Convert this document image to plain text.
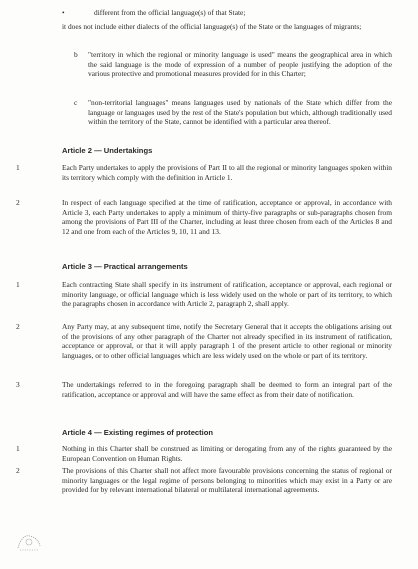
•	different from the official language(s) of that State;

it does not include either dialects of the official language(s) of the State or the languages of migrants;

b "territory in which the regional or minority language is used" means the geographical area in which the said language is the mode of expression of a number of people justifying the adoption of the various protective and promotional measures provided for in this Charter;

c "non-territorial languages" means languages used by nationals of the State which differ from the language or languages used by the rest of the State's population but which, although traditionally used within the territory of the State, cannot be identified with a particular area thereof.

Article 2 — Undertakings
1	Each Party undertakes to apply the provisions of Part II to all the regional or minority languages spoken within its territory which comply with the definition in Article 1.

2	In respect of each language specified at the time of ratification, acceptance or approval, in accordance with Article 3, each Party undertakes to apply a minimum of thirty-five paragraphs or sub-paragraphs chosen from among the provisions of Part III of the Charter, including at least three chosen from each of the Articles 8 and 12 and one from each of the Articles 9, 10, 11 and 13.

Article 3 — Practical arrangements
1	Each contracting State shall specify in its instrument of ratification, acceptance or approval, each regional or minority language, or official language which is less widely used on the whole or part of its territory, to which the paragraphs chosen in accordance with Article 2, paragraph 2, shall apply.

2	Any Party may, at any subsequent time, notify the Secretary General that it accepts the obligations arising out of the provisions of any other paragraph of the Charter not already specified in its instrument of ratification, acceptance or approval, or that it will apply paragraph 1 of the present article to other regional or minority languages, or to other official languages which are less widely used on the whole or part of its territory.

3	The undertakings referred to in the foregoing paragraph shall be deemed to form an integral part of the ratification, acceptance or approval and will have the same effect as from their date of notification.

Article 4 — Existing regimes of protection
1	Nothing in this Charter shall be construed as limiting or derogating from any of the rights guaranteed by the European Convention on Human Rights.

2	The provisions of this Charter shall not affect more favourable provisions concerning the status of regional or minority languages or the legal regime of persons belonging to minorities which may exist in a Party or are provided for by relevant international bilateral or multilateral international agreements.
